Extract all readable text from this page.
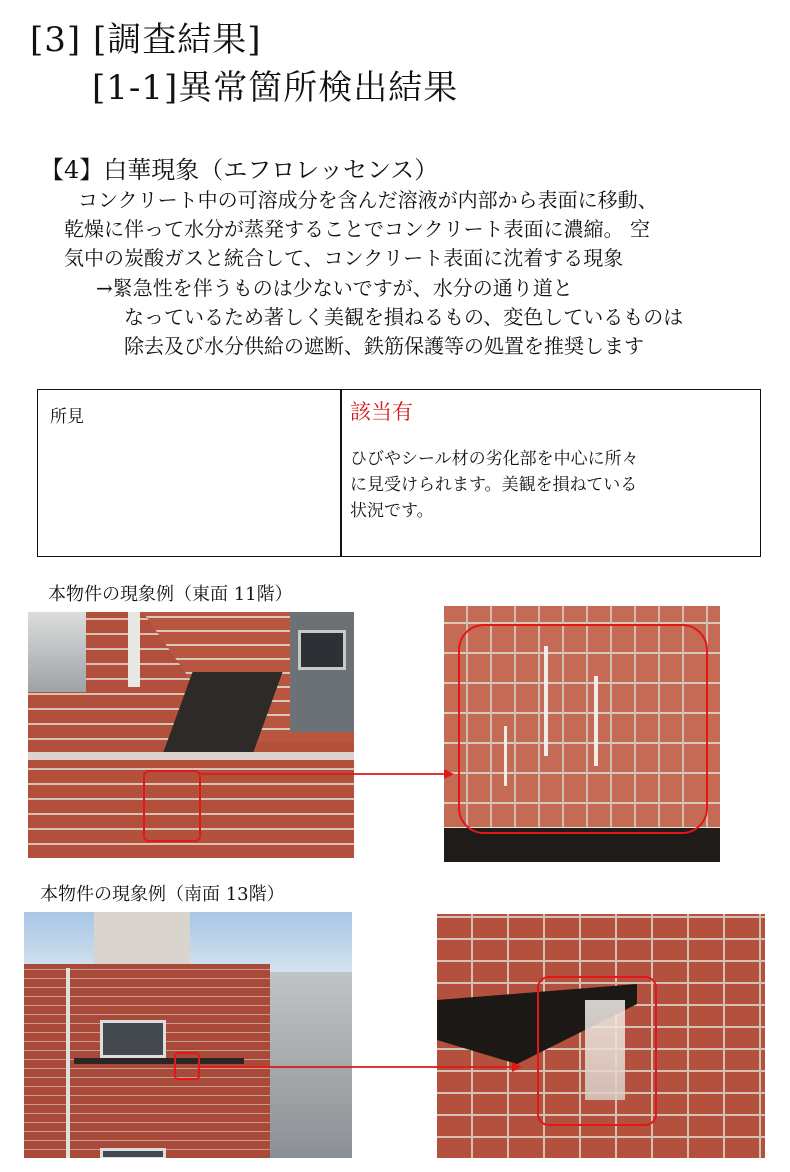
[3] [調査結果]
[1-1]異常箇所検出結果
【4】白華現象（エフロレッセンス）
コンクリート中の可溶成分を含んだ溶液が内部から表面に移動、
乾燥に伴って水分が蒸発することでコンクリート表面に濃縮。 空
気中の炭酸ガスと統合して、コンクリート表面に沈着する現象
→緊急性を伴うものは少ないですが、水分の通り道と
なっているため著しく美観を損ねるもの、変色しているものは
除去及び水分供給の遮断、鉄筋保護等の処置を推奨します
所見	該当有
ひびやシール材の劣化部を中心に所々
に見受けられます。美観を損ねている
状況です。
本物件の現象例（東面 11階）
本物件の現象例（南面 13階）
